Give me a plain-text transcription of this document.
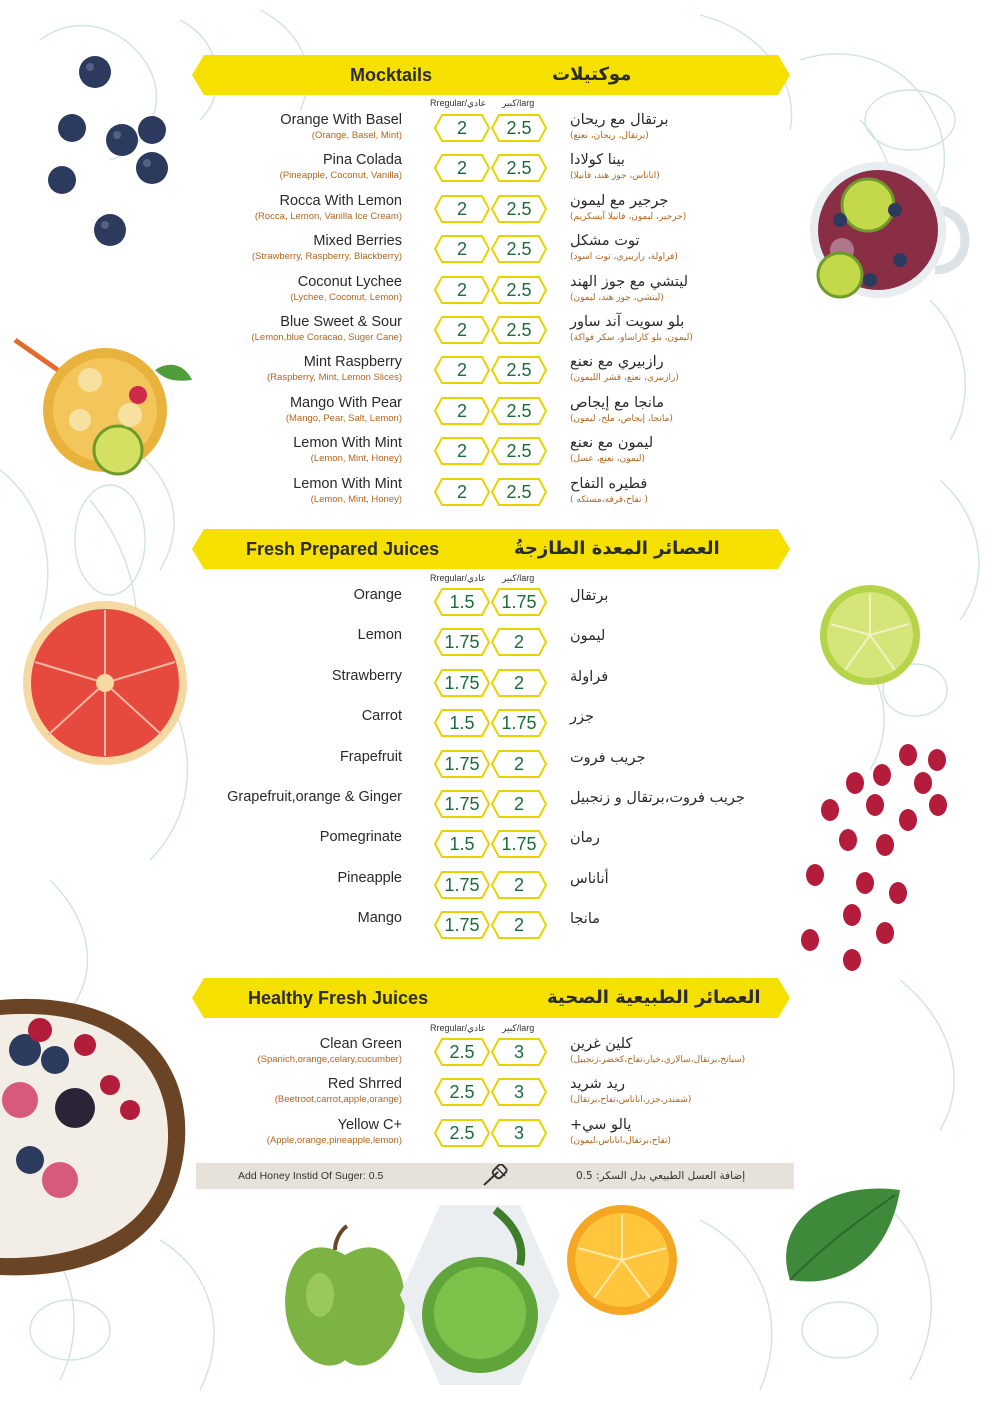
Mocktails	موكتيلات
Rregular/عادي كبير/larg
Orange With Basel
(Orange, Basel, Mint)
برتقال مع ريحان
(برتقال، ريحان، نعنع)
2	2.5
Pina Colada
(Pineapple, Coconut, Vanilla)
بينا كولادا
(اناناس، جوز هند، فانيلا)
2	2.5
Rocca With Lemon
(Rocca, Lemon, Vanilla Ice Cream)
جرجير مع ليمون
(جرجير، ليمون، فانيلا آيسكريم)
2	2.5
Mixed Berries
(Strawberry, Raspberry, Blackberry)
توت مشكل
(فراولة، رازبيري، توت اسود)
2	2.5
Coconut Lychee
(Lychee, Coconut, Lemon)
ليتشي مع جوز الهند
(ليتشي، جوز هند، ليمون)
2	2.5
Blue Sweet & Sour
(Lemon,blue Coracao, Suger Cane)
بلو سويت آند ساور
(ليمون، بلو كاراساو، سكر فواكة)
2	2.5
Mint Raspberry
(Raspberry, Mint, Lemon Slices)
رازبيري مع نعنع
(رازبيري، نعنع، قشر الليمون)
2	2.5
Mango With Pear
(Mango, Pear, Salt, Lemon)
مانجا مع إيجاص
(مانجا، إيجاص، ملح، ليمون)
2	2.5
Lemon With Mint
(Lemon, Mint, Honey)
ليمون مع نعنع
(ليمون، نعنع، عسل)
2	2.5
Lemon With Mint
(Lemon, Mint, Honey)
فطيره التفاح
( تفاح،قرفه،مستكه )
2	2.5
Fresh Prepared Juices	العصائر المعدة الطازجةُ
Rregular/عادي كبير/larg
Orange	برتقال
1.5	1.75
Lemon	ليمون
1.75	2
Strawberry	فراولة
1.75	2
Carrot	جزر
1.5	1.75
Frapefruit	جريب فروت
1.75	2
Grapefruit,orange & Ginger	جريب فروت،برتقال و زنجبيل
1.75	2
Pomegrinate	رمان
1.5	1.75
Pineapple	أناناس
1.75	2
Mango	مانجا
1.75	2
Healthy Fresh Juices	العصائر الطبيعية الصحية
Rregular/عادي كبير/larg
Clean Green
(Spanich,orange,celary,cucumber)
كلين غرين
(سبانخ،برتقال،سالاري،خيار،تفاح،كخضر،زنجبيل)
2.5	3
Red Shrred
(Beetroot,carrot,apple,orange)
ريد شريد
(شمندر،جزر،اناناس،تفاح،برتقال)
2.5	3
Yellow C+
(Apple,orange,pineapple,lemon)
يالو سي+
(تفاح،برتقال،اناناس،ليمون)
2.5	3
Add Honey Instid Of Suger: 0.5	إضافة العسل الطبيعي بدل السكر: 0.5
